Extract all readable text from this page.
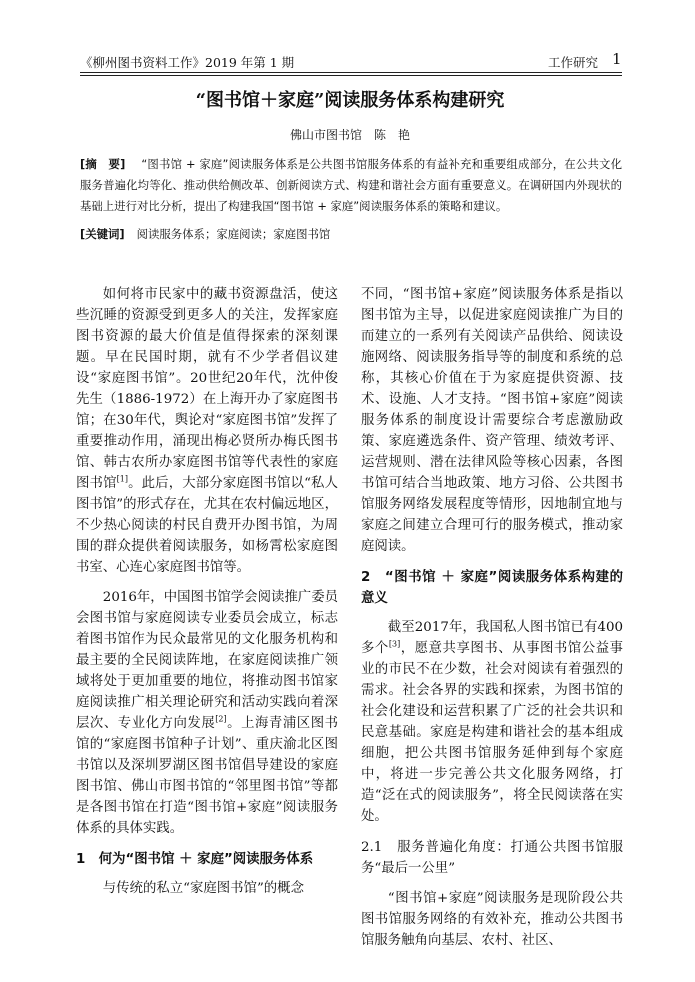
《柳州图书资料工作》2019 年第 1 期	工作研究 1
“图书馆＋家庭”阅读服务体系构建研究
佛山市图书馆　陈　艳
[摘　要] “图书馆 + 家庭”阅读服务体系是公共图书馆服务体系的有益补充和重要组成部分，在公共文化服务普遍化均等化、推动供给侧改革、创新阅读方式、构建和谐社会方面有重要意义。在调研国内外现状的基础上进行对比分析，提出了构建我国“图书馆 + 家庭”阅读服务体系的策略和建议。
[关键词] 阅读服务体系；家庭阅读；家庭图书馆

如何将市民家中的藏书资源盘活，使这些沉睡的资源受到更多人的关注，发挥家庭图书资源的最大价值是值得探索的深刻课题。早在民国时期，就有不少学者倡议建设“家庭图书馆”。20世纪20年代，沈仲俊先生（1886-1972）在上海开办了家庭图书馆；在30年代，舆论对“家庭图书馆”发挥了重要推动作用，涌现出梅必贤所办梅氏图书馆、韩古农所办家庭图书馆等代表性的家庭图书馆[1]。此后，大部分家庭图书馆以“私人图书馆”的形式存在，尤其在农村偏远地区，不少热心阅读的村民自费开办图书馆，为周围的群众提供着阅读服务，如杨霄松家庭图书室、心连心家庭图书馆等。

2016年，中国图书馆学会阅读推广委员会图书馆与家庭阅读专业委员会成立，标志着图书馆作为民众最常见的文化服务机构和最主要的全民阅读阵地，在家庭阅读推广领域将处于更加重要的地位，将推动图书馆家庭阅读推广相关理论研究和活动实践向着深层次、专业化方向发展[2]。上海青浦区图书馆的“家庭图书馆种子计划”、重庆渝北区图书馆以及深圳罗湖区图书馆倡导建设的家庭图书馆、佛山市图书馆的“邻里图书馆”等都是各图书馆在打造“图书馆+家庭”阅读服务体系的具体实践。

1　何为“图书馆 ＋ 家庭”阅读服务体系

与传统的私立“家庭图书馆”的概念

不同，“图书馆+家庭”阅读服务体系是指以图书馆为主导，以促进家庭阅读推广为目的而建立的一系列有关阅读产品供给、阅读设施网络、阅读服务指导等的制度和系统的总称，其核心价值在于为家庭提供资源、技术、设施、人才支持。“图书馆+家庭”阅读服务体系的制度设计需要综合考虑激励政策、家庭遴选条件、资产管理、绩效考评、运营规则、潜在法律风险等核心因素，各图书馆可结合当地政策、地方习俗、公共图书馆服务网络发展程度等情形，因地制宜地与家庭之间建立合理可行的服务模式，推动家庭阅读。

2　“图书馆 ＋ 家庭”阅读服务体系构建的意义

截至2017年，我国私人图书馆已有400多个[3]，愿意共享图书、从事图书馆公益事业的市民不在少数，社会对阅读有着强烈的需求。社会各界的实践和探索，为图书馆的社会化建设和运营积累了广泛的社会共识和民意基础。家庭是构建和谐社会的基本组成细胞，把公共图书馆服务延伸到每个家庭中，将进一步完善公共文化服务网络，打造“泛在式的阅读服务”，将全民阅读落在实处。

2.1　服务普遍化角度：打通公共图书馆服务“最后一公里”

“图书馆+家庭”阅读服务是现阶段公共图书馆服务网络的有效补充，推动公共图书馆服务触角向基层、农村、社区、
